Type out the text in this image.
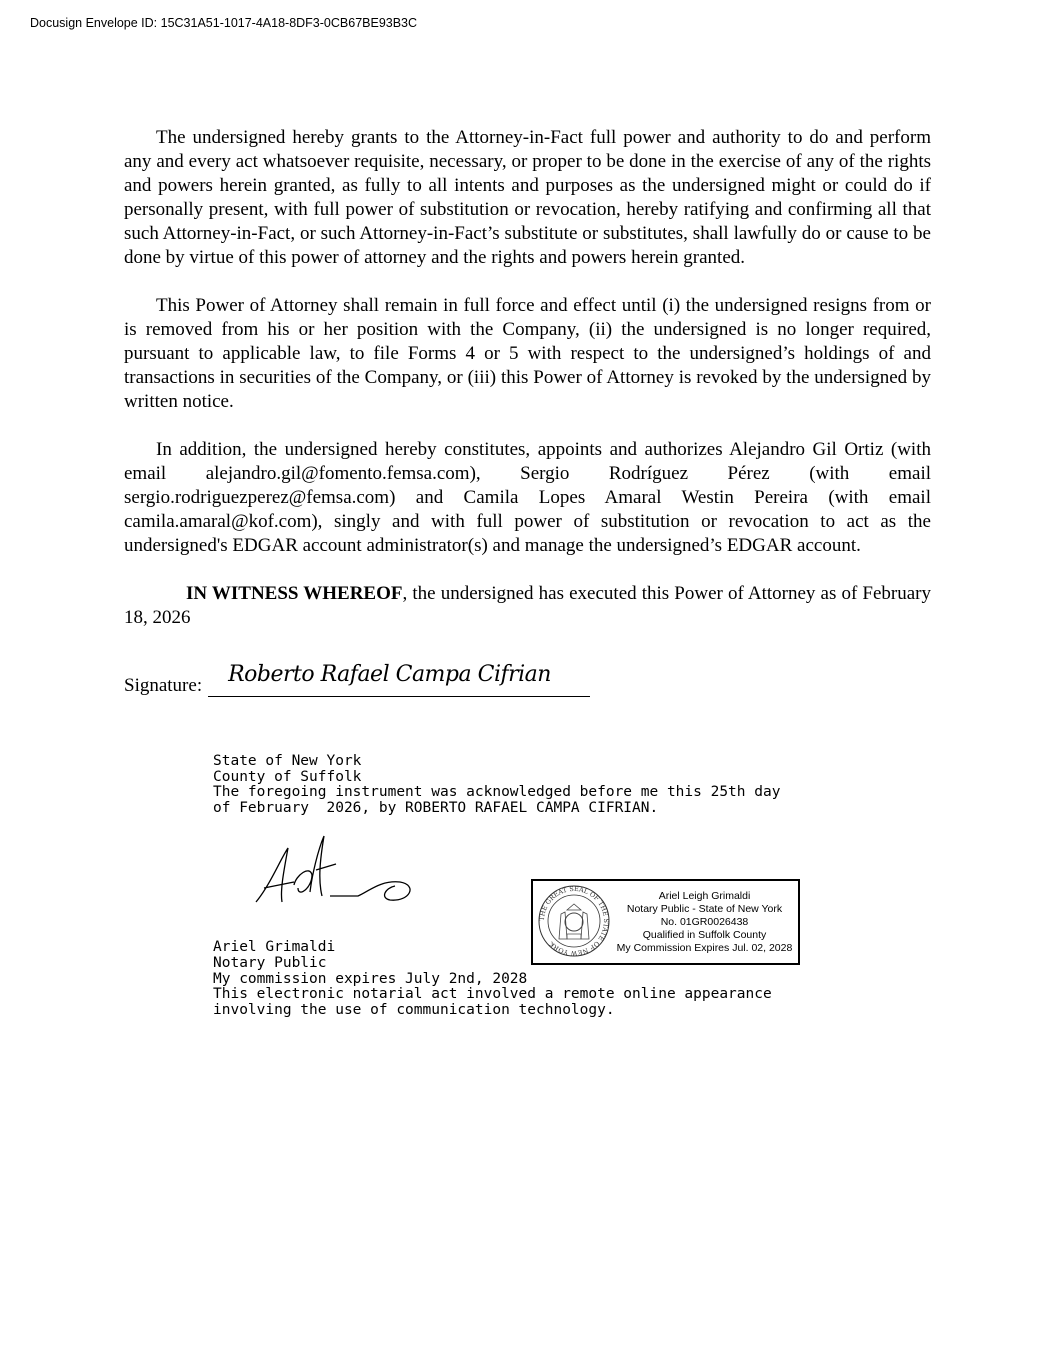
Docusign Envelope ID: 15C31A51-1017-4A18-8DF3-0CB67BE93B3C

The undersigned hereby grants to the Attorney-in-Fact full power and authority to do and perform any and every act whatsoever requisite, necessary, or proper to be done in the exercise of any of the rights and powers herein granted, as fully to all intents and purposes as the undersigned might or could do if personally present, with full power of substitution or revocation, hereby ratifying and confirming all that such Attorney-in-Fact, or such Attorney-in-Fact’s substitute or substitutes, shall lawfully do or cause to be done by virtue of this power of attorney and the rights and powers herein granted.

This Power of Attorney shall remain in full force and effect until (i) the undersigned resigns from or is removed from his or her position with the Company, (ii) the undersigned is no longer required, pursuant to applicable law, to file Forms 4 or 5 with respect to the undersigned’s holdings of and transactions in securities of the Company, or (iii) this Power of Attorney is revoked by the undersigned by written notice.

In addition, the undersigned hereby constitutes, appoints and authorizes Alejandro Gil Ortiz (with email alejandro.gil@fomento.femsa.com), Sergio Rodríguez Pérez (with email sergio.rodriguezperez@femsa.com) and Camila Lopes Amaral Westin Pereira (with email camila.amaral@kof.com), singly and with full power of substitution or revocation to act as the undersigned's EDGAR account administrator(s) and manage the undersigned’s EDGAR account.

IN WITNESS WHEREOF, the undersigned has executed this Power of Attorney as of February 18, 2026

Signature: Roberto Rafael Campa Cifrian
State of New York
County of Suffolk
The foregoing instrument was acknowledged before me this 25th day
of February  2026, by ROBERTO RAFAEL CAMPA CIFRIAN.
Ariel Grimaldi
Notary Public
My commission expires July 2nd, 2028
This electronic notarial act involved a remote online appearance
involving the use of communication technology.
THE GREAT SEAL OF THE STATE OF NEW YORK
Ariel Leigh Grimaldi
Notary Public - State of New York
No. 01GR0026438
Qualified in Suffolk County
My Commission Expires Jul. 02, 2028
